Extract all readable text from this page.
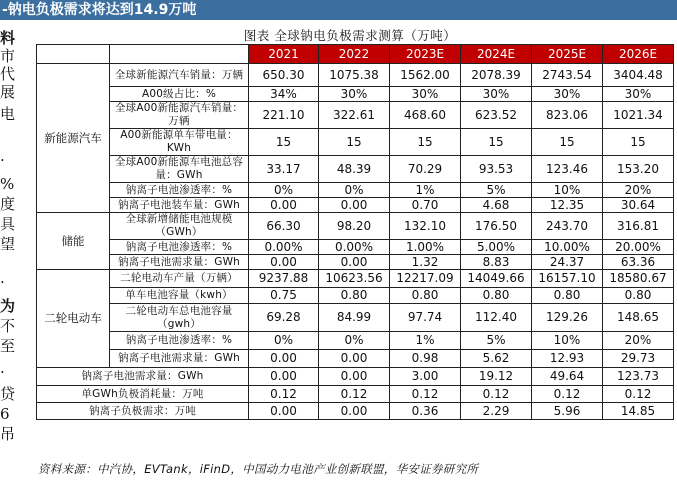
-钠电负极需求将达到14.9万吨
料
市
代
展
电
·
%
度
具
望
·
为
不
至
·
贷
6
吊
图表 全球钠电负极需求测算（万吨）
		2021	2022	2023E	2024E	2025E	2026E
新能源汽车	全球新能源汽车销量：万辆	650.30	1075.38	1562.00	2078.39	2743.54	3404.48
	A00级占比：%	34%	30%	30%	30%	30%	30%
	全球A00新能源汽车销量：万辆	221.10	322.61	468.60	623.52	823.06	1021.34
	A00新能源单车带电量：KWh	15	15	15	15	15	15
	全球A00新能源车电池总容量：GWh	33.17	48.39	70.29	93.53	123.46	153.20
	钠离子电池渗透率：%	0%	0%	1%	5%	10%	20%
	钠离子电池装车量：GWh	0.00	0.00	0.70	4.68	12.35	30.64
储能	全球新增储能电池规模（GWh）	66.30	98.20	132.10	176.50	243.70	316.81
	钠离子电池渗透率：%	0.00%	0.00%	1.00%	5.00%	10.00%	20.00%
	钠离子电池需求量：GWh	0.00	0.00	1.32	8.83	24.37	63.36
二轮电动车	二轮电动车产量（万辆）	9237.88	10623.56	12217.09	14049.66	16157.10	18580.67
	单车电池容量（kwh）	0.75	0.80	0.80	0.80	0.80	0.80
	二轮电动车总电池容量（gwh）	69.28	84.99	97.74	112.40	129.26	148.65
	钠离子电池渗透率：%	0%	0%	1%	5%	10%	20%
	钠离子电池需求量：GWh	0.00	0.00	0.98	5.62	12.93	29.73
钠离子电池需求量：GWh		0.00	0.00	3.00	19.12	49.64	123.73
单GWh负极消耗量：万吨		0.12	0.12	0.12	0.12	0.12	0.12
钠离子负极需求：万吨		0.00	0.00	0.36	2.29	5.96	14.85
资料来源：中汽协，EVTank，iFinD，中国动力电池产业创新联盟，华安证券研究所
